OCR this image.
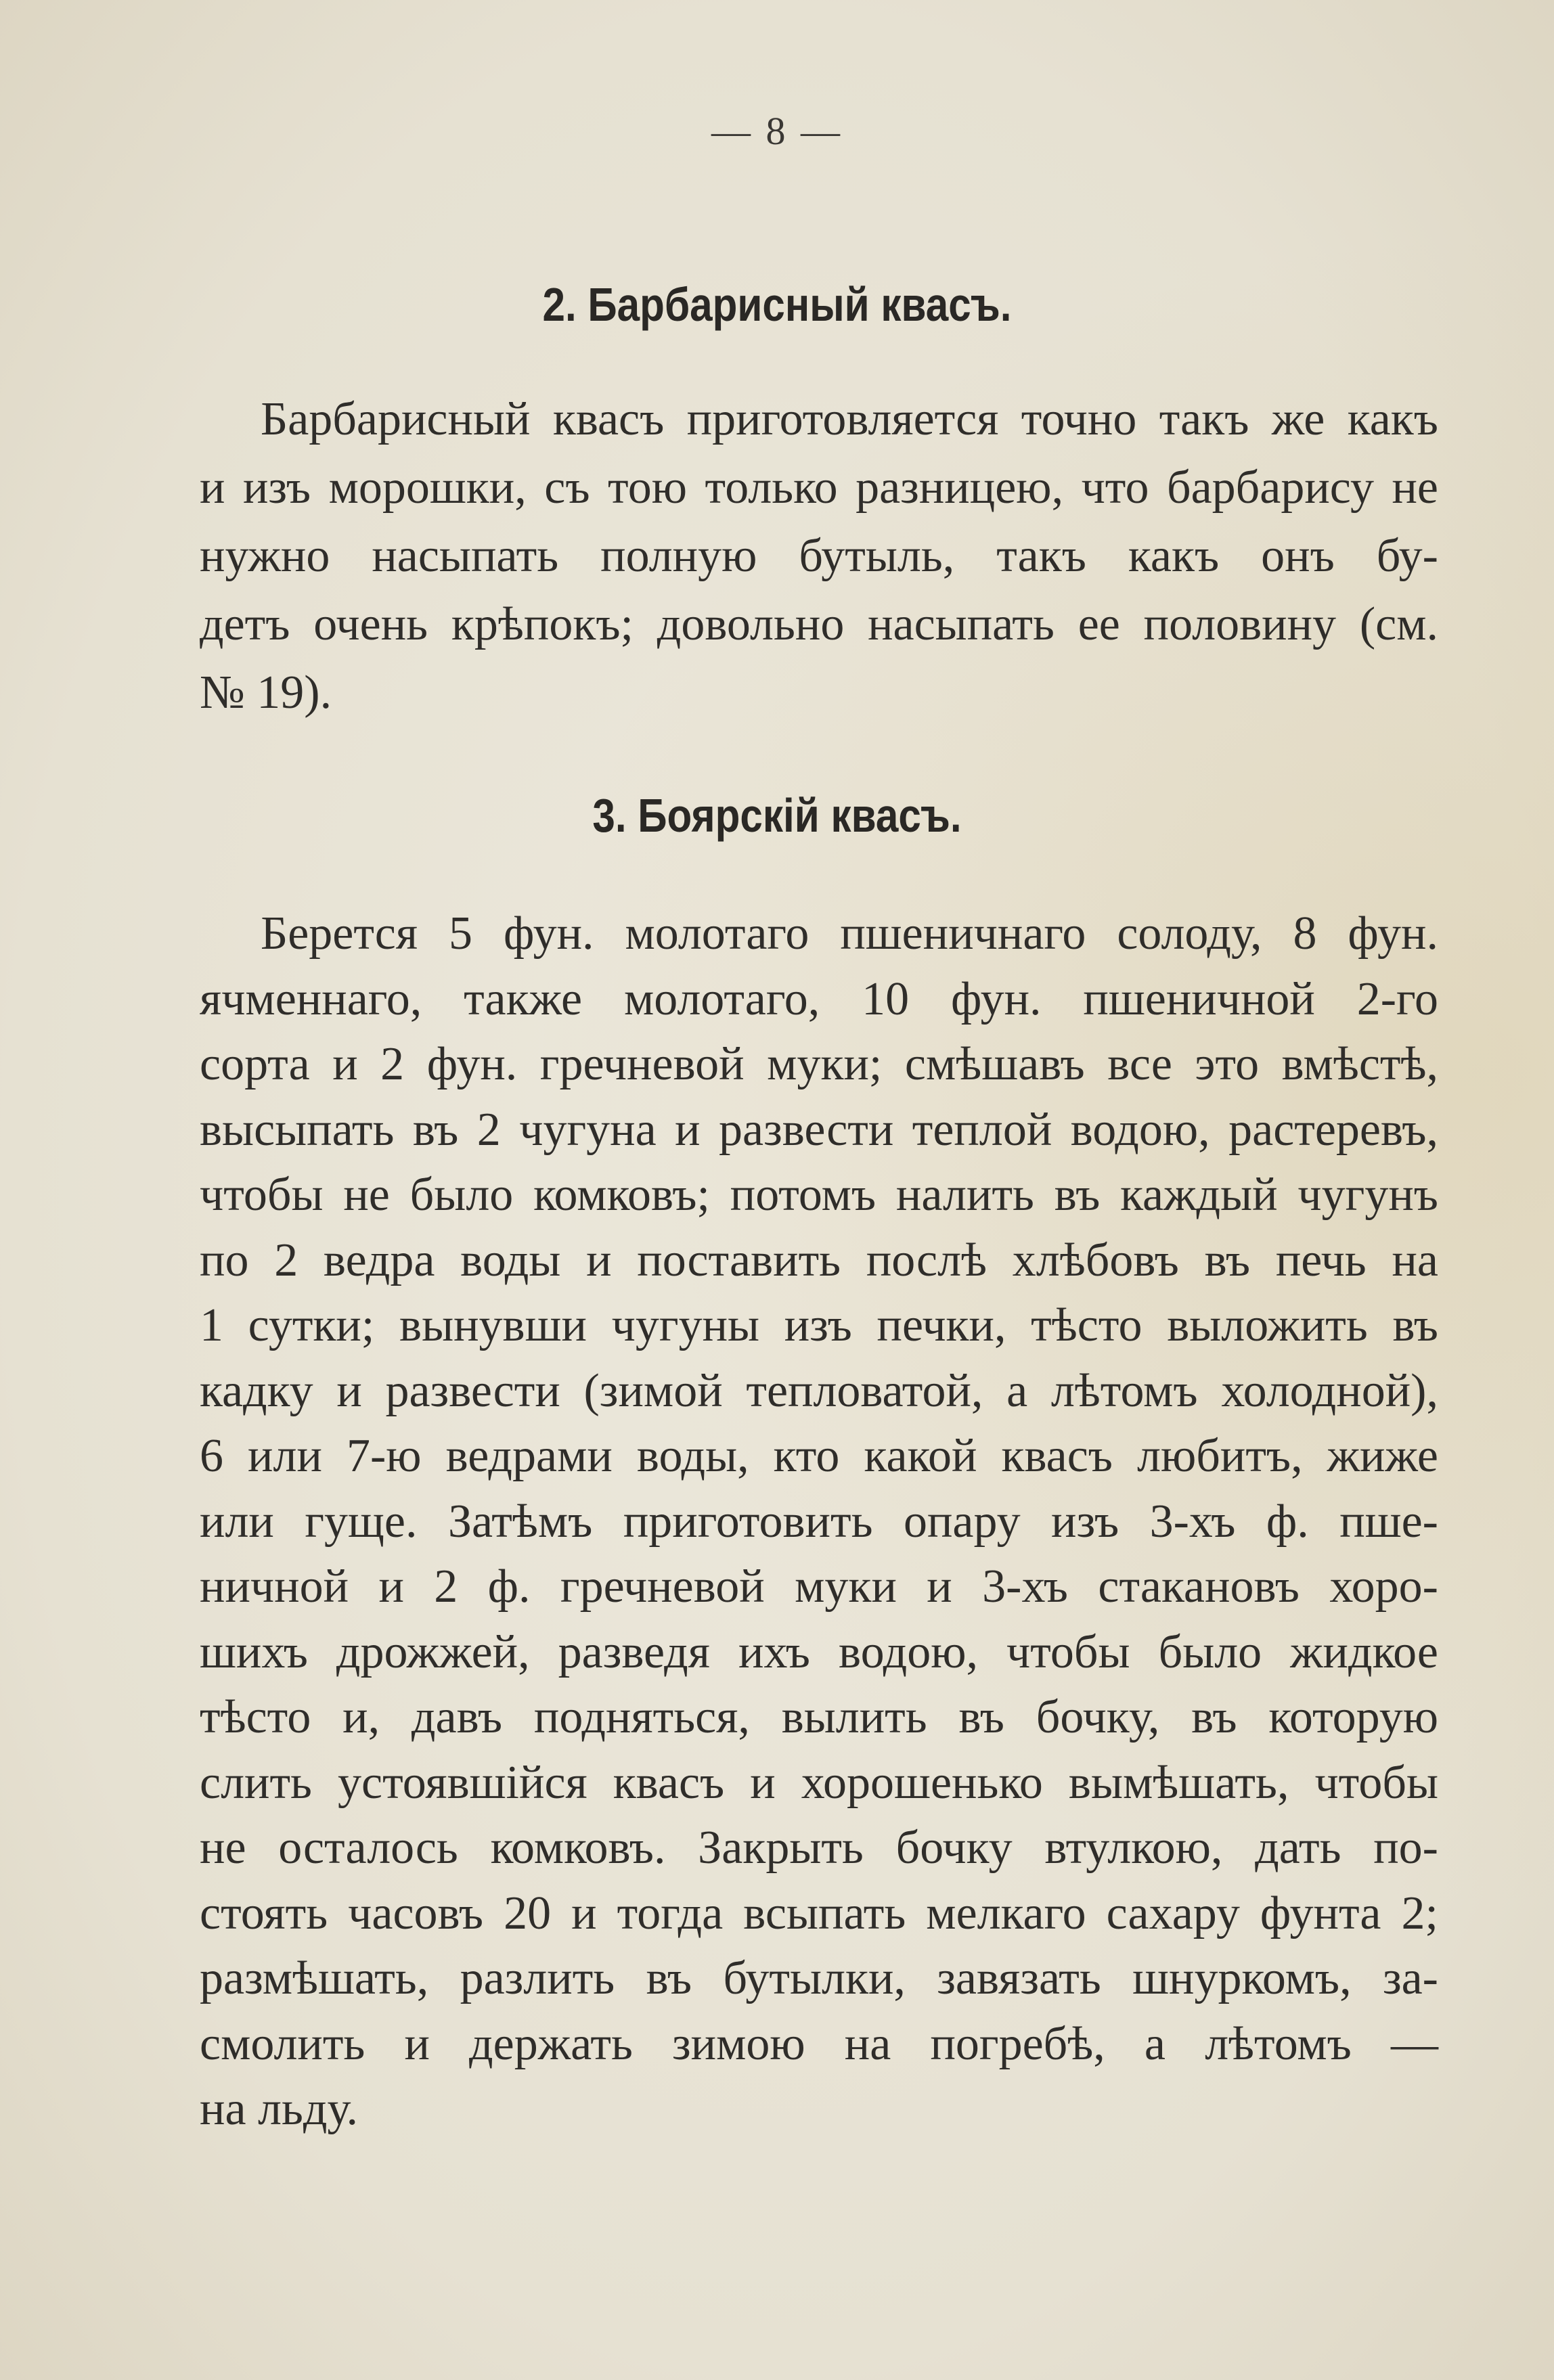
— 8 —
2. Барбарисный квасъ.
Барбарисный квасъ приготовляется точно такъ же какъ
и изъ морошки, съ тою только разницею, что барбарису не
нужно насыпать полную бутыль, такъ какъ онъ бу-
детъ очень крѣпокъ; довольно насыпать ее половину (см.
№ 19).
3. Боярскій квасъ.
Берется 5 фун. молотаго пшеничнаго солоду, 8 фун.
ячменнаго, также молотаго, 10 фун. пшеничной 2-го
сорта и 2 фун. гречневой муки; смѣшавъ все это вмѣстѣ,
высыпать въ 2 чугуна и развести теплой водою, растеревъ,
чтобы не было комковъ; потомъ налить въ каждый чугунъ
по 2 ведра воды и поставить послѣ хлѣбовъ въ печь на
1 сутки; вынувши чугуны изъ печки, тѣсто выложить въ
кадку и развести (зимой тепловатой, а лѣтомъ холодной),
6 или 7-ю ведрами воды, кто какой квасъ любитъ, жиже
или гуще. Затѣмъ приготовить опару изъ 3-хъ ф. пше-
ничной и 2 ф. гречневой муки и 3-хъ стакановъ хоро-
шихъ дрожжей, разведя ихъ водою, чтобы было жидкое
тѣсто и, давъ подняться, вылить въ бочку, въ которую
слить устоявшійся квасъ и хорошенько вымѣшать, чтобы
не осталось комковъ. Закрыть бочку втулкою, дать по-
стоять часовъ 20 и тогда всыпать мелкаго сахару фунта 2;
размѣшать, разлить въ бутылки, завязать шнуркомъ, за-
смолить и держать зимою на погребѣ, а лѣтомъ —
на льду.
